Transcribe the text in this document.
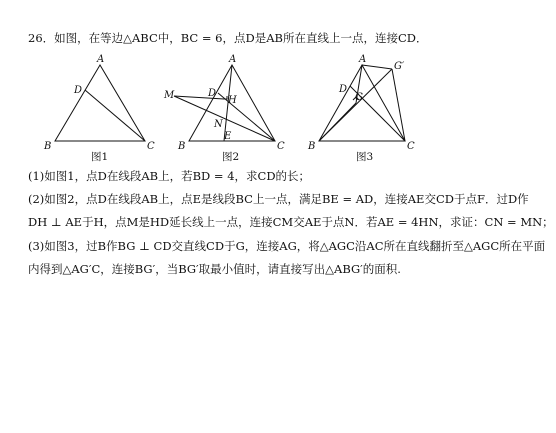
26．如图，在等边△ABC中，BC = 6，点D是AB所在直线上一点，连接CD．
A
D
B	C
图1
A
M	D
H
N
E
B	C
图2
A
G′
D
G
B	C
图3
(1)如图1，点D在线段AB上，若BD = 4，求CD的长；
(2)如图2，点D在线段AB上，点E是线段BC上一点，满足BE = AD，连接AE交CD于点F．过D作
DH ⊥ AE于H，点M是HD延长线上一点，连接CM交AE于点N．若AE = 4HN，求证：CN = MN；
(3)如图3，过B作BG ⊥ CD交直线CD于G，连接AG，将△AGC沿AC所在直线翻折至△AGC所在平面
内得到△AG′C，连接BG′，当BG′取最小值时，请直接写出△ABG′的面积.
